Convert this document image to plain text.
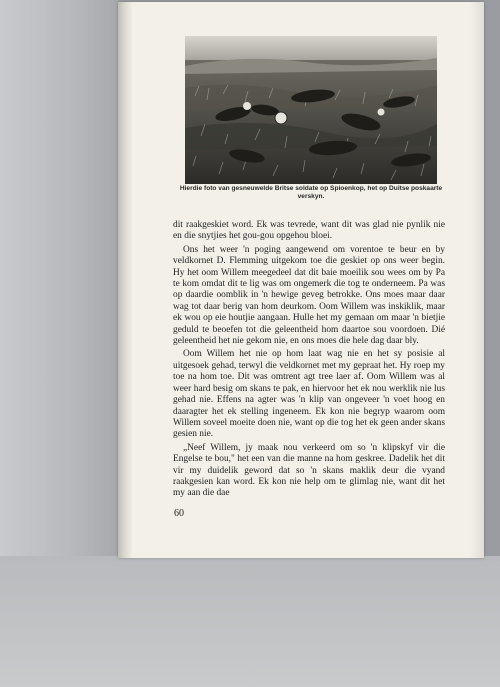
Hierdie foto van gesneuwelde Britse soldate op Spioenkop, het op Duitse poskaarte verskyn.

dit raakgeskiet word. Ek was tevrede, want dit was glad nie pynlik nie en die snytjies het gou-gou opgehou bloei.

Ons het weer 'n poging aangewend om vorentoe te beur en by veldkornet D. Flemming uitgekom toe die geskiet op ons weer begin. Hy het oom Willem meegedeel dat dit baie moeilik sou wees om by Pa te kom omdat dit te lig was om ongemerk die tog te onderneem. Pa was op daardie oomblik in 'n hewige geveg betrokke. Ons moes maar daar wag tot daar berig van hom deurkom. Oom Willem was inskiklik, maar ek wou op eie houtjie aangaan. Hulle het my gemaan om maar 'n bietjie geduld te beoefen tot die geleentheid hom daartoe sou voordoen. Dié geleentheid het nie gekom nie, en ons moes die hele dag daar bly.

Oom Willem het nie op hom laat wag nie en het sy posisie al uitgesoek gehad, terwyl die veldkornet met my gepraat het. Hy roep my toe na hom toe. Dit was omtrent agt tree laer af. Oom Willem was al weer hard besig om skans te pak, en hiervoor het ek nou werklik nie lus gehad nie. Effens na agter was 'n klip van ongeveer 'n voet hoog en daaragter het ek stelling ingeneem. Ek kon nie begryp waarom oom Willem soveel moeite doen nie, want op die tog het ek geen ander skans gesien nie.

„Neef Willem, jy maak nou verkeerd om so 'n klipskyf vir die Engelse te bou," het een van die manne na hom geskree. Dadelik het dit vir my duidelik geword dat so 'n skans maklik deur die vyand raakgesien kan word. Ek kon nie help om te glimlag nie, want dit het my aan die dae

60
